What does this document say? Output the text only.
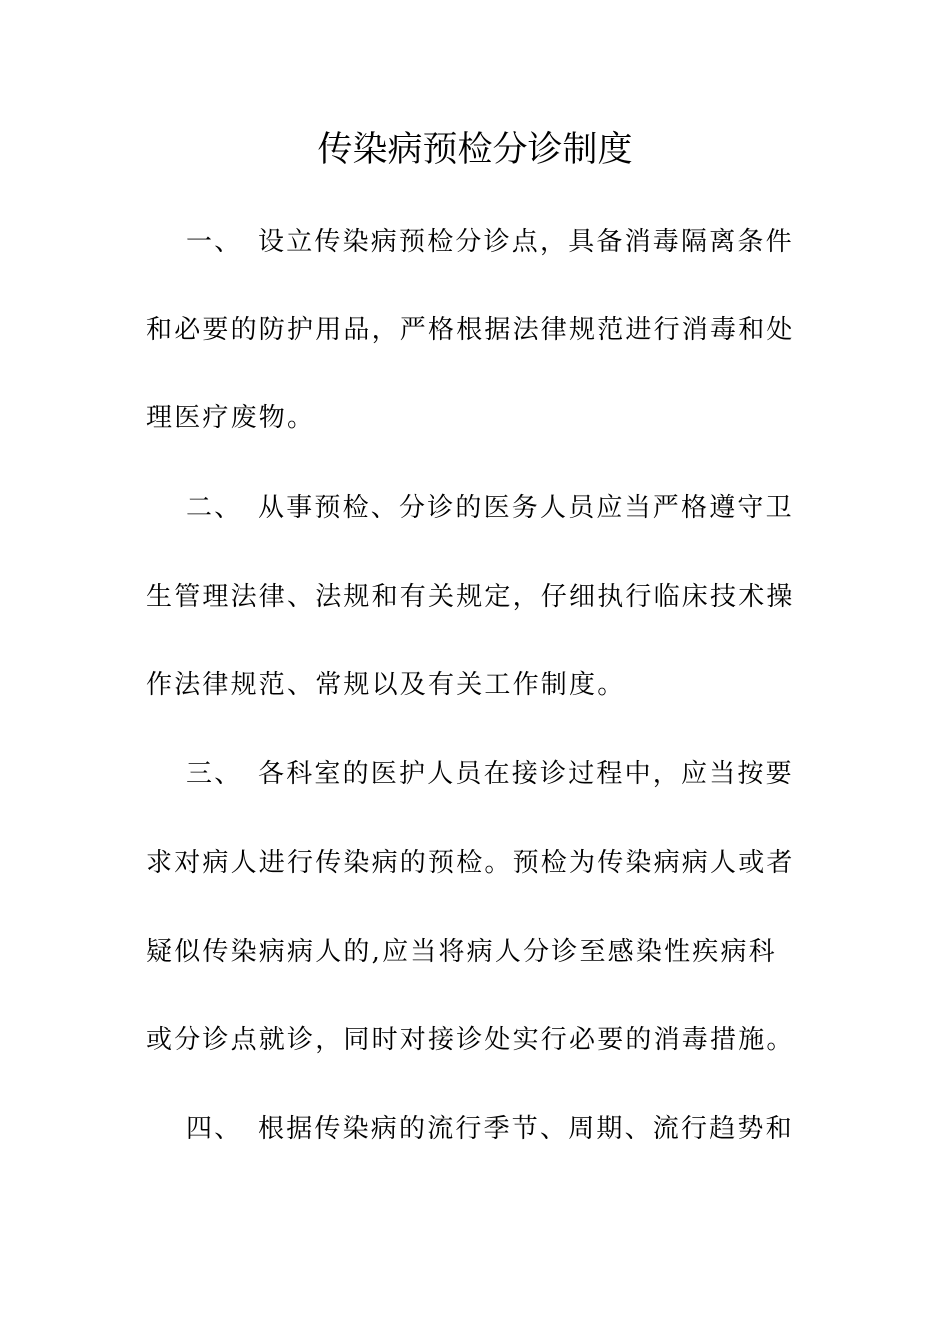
传染病预检分诊制度
一、 设立传染病预检分诊点，具备消毒隔离条件
和必要的防护用品，严格根据法律规范进行消毒和处
理医疗废物。
二、 从事预检、分诊的医务人员应当严格遵守卫
生管理法律、法规和有关规定，仔细执行临床技术操
作法律规范、常规以及有关工作制度。
三、 各科室的医护人员在接诊过程中，应当按要
求对病人进行传染病的预检。预检为传染病病人或者
疑似传染病病人的,应当将病人分诊至感染性疾病科
或分诊点就诊，同时对接诊处实行必要的消毒措施。
四、 根据传染病的流行季节、周期、流行趋势和
